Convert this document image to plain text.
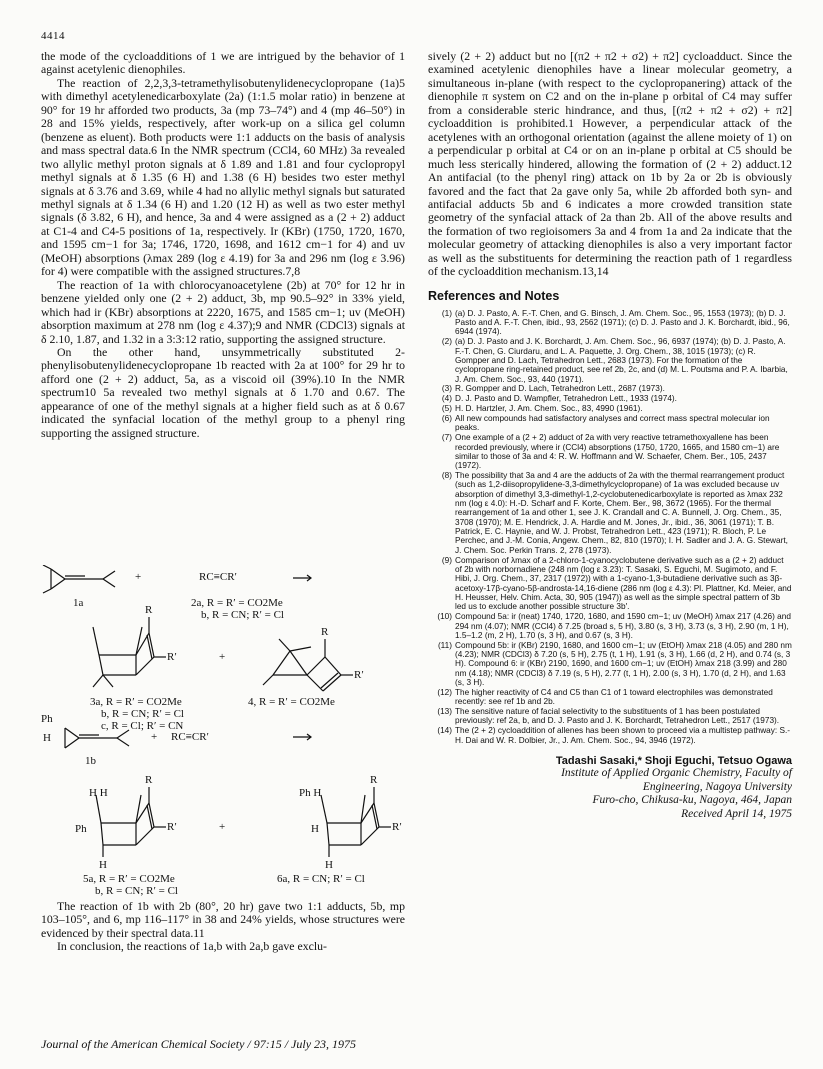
4414

the mode of the cycloadditions of 1 we are intrigued by the behavior of 1 against acetylenic dienophiles.

The reaction of 2,2,3,3-tetramethylisobutenylidenecyclopropane (1a)5 with dimethyl acetylenedicarboxylate (2a) (1:1.5 molar ratio) in benzene at 90° for 19 hr afforded two products, 3a (mp 73–74°) and 4 (mp 46–50°) in 28 and 15% yields, respectively, after work-up on a silica gel column (benzene as eluent). Both products were 1:1 adducts on the basis of analysis and mass spectral data.6 In the NMR spectrum (CCl4, 60 MHz) 3a revealed two allylic methyl proton signals at δ 1.89 and 1.81 and four cyclopropyl methyl signals at δ 1.35 (6 H) and 1.38 (6 H) besides two ester methyl signals at δ 3.76 and 3.69, while 4 had no allylic methyl signals but saturated methyl signals at δ 1.34 (6 H) and 1.20 (12 H) as well as two ester methyl signals (δ 3.82, 6 H), and hence, 3a and 4 were assigned as a (2 + 2) adduct at C1-4 and C4-5 positions of 1a, respectively. Ir (KBr) (1750, 1720, 1670, and 1595 cm−1 for 3a; 1746, 1720, 1698, and 1612 cm−1 for 4) and uv (MeOH) absorptions (λmax 289 (log ε 4.19) for 3a and 296 nm (log ε 3.96) for 4) were compatible with the assigned structures.7,8

The reaction of 1a with chlorocyanoacetylene (2b) at 70° for 12 hr in benzene yielded only one (2 + 2) adduct, 3b, mp 90.5–92° in 33% yield, which had ir (KBr) absorptions at 2220, 1675, and 1585 cm−1; uv (MeOH) absorption maximum at 278 nm (log ε 4.37);9 and NMR (CDCl3) signals at δ 2.10, 1.87, and 1.32 in a 3:3:12 ratio, supporting the assigned structure.

On the other hand, unsymmetrically substituted 2-phenylisobutenylidenecyclopropane 1b reacted with 2a at 100° for 29 hr to afford one (2 + 2) adduct, 5a, as a viscoid oil (39%).10 In the NMR spectrum10 5a revealed two methyl signals at δ 1.70 and 0.67. The appearance of one of the methyl signals at a higher field such as at δ 0.67 indicated the synfacial location of the methyl group to a phenyl ring supporting the assigned structure.

+	RC≡CR′
1a	2a, R = R′ = CO2Me
b, R = CN; R′ = Cl
R
R′	+
R
R′
3a, R = R′ = CO2Me
b, R = CN; R′ = Cl
c, R = Cl; R′ = CN
4, R = R′ = CO2Me
Ph
H	+ RC≡CR′
1b
R
H H
R′
Ph
H
+
R
Ph H
R′
H
H
5a, R = R′ = CO2Me
b, R = CN; R′ = Cl
6a, R = CN; R′ = Cl

The reaction of 1b with 2b (80°, 20 hr) gave two 1:1 adducts, 5b, mp 103–105°, and 6, mp 116–117° in 38 and 24% yields, whose structures were evidenced by their spectral data.11

In conclusion, the reactions of 1a,b with 2a,b gave exclu-

sively (2 + 2) adduct but no [(π2 + π2 + σ2) + π2] cycloadduct. Since the examined acetylenic dienophiles have a linear molecular geometry, a simultaneous in-plane (with respect to the cyclopropanering) attack of the dienophile π system on C2 and on the in-plane p orbital of C4 may suffer from a considerable steric hindrance, and thus, [(π2 + π2 + σ2) + π2] cycloaddition is prohibited.1 However, a perpendicular attack of the acetylenes with an orthogonal orientation (against the allene moiety of 1) on a perpendicular p orbital at C4 or on an in-plane p orbital at C5 should be much less sterically hindered, allowing the formation of (2 + 2) adduct.12 An antifacial (to the phenyl ring) attack on 1b by 2a or 2b is obviously favored and the fact that 2a gave only 5a, while 2b afforded both syn- and antifacial adducts 5b and 6 indicates a more crowded transition state geometry of the synfacial attack of 2a than 2b. All of the above results and the formation of two regioisomers 3a and 4 from 1a and 2a indicate that the molecular geometry of attacking dienophiles is also a very important factor as well as the substituents for determining the reaction path of 1 regardless of the cycloaddition mechanism.13,14

References and Notes
(1) (a) D. J. Pasto, A. F.-T. Chen, and G. Binsch, J. Am. Chem. Soc., 95, 1553 (1973); (b) D. J. Pasto and A. F.-T. Chen, ibid., 93, 2562 (1971); (c) D. J. Pasto and J. K. Borchardt, ibid., 96, 6944 (1974).
(2) (a) D. J. Pasto and J. K. Borchardt, J. Am. Chem. Soc., 96, 6937 (1974); (b) D. J. Pasto, A. F.-T. Chen, G. Ciurdaru, and L. A. Paquette, J. Org. Chem., 38, 1015 (1973); (c) R. Gompper and D. Lach, Tetrahedron Lett., 2683 (1973). For the formation of the cyclopropane ring-retained product, see ref 2b, 2c, and (d) M. L. Poutsma and P. A. Ibarbia, J. Am. Chem. Soc., 93, 440 (1971).
(3) R. Gompper and D. Lach, Tetrahedron Lett., 2687 (1973).
(4) D. J. Pasto and D. Wampfler, Tetrahedron Lett., 1933 (1974).
(5) H. D. Hartzler, J. Am. Chem. Soc., 83, 4990 (1961).
(6) All new compounds had satisfactory analyses and correct mass spectral molecular ion peaks.
(7) One example of a (2 + 2) adduct of 2a with very reactive tetramethoxyallene has been recorded previously, where ir (CCl4) absorptions (1750, 1720, 1665, and 1580 cm−1) are similar to those of 3a and 4: R. W. Hoffmann and W. Schaefer, Chem. Ber., 105, 2437 (1972).
(8) The possibility that 3a and 4 are the adducts of 2a with the thermal rearrangement product (such as 1,2-diisopropylidene-3,3-dimethylcyclopropane) of 1a was excluded because uv absorption of dimethyl 3,3-dimethyl-1,2-cyclobutenedicarboxylate is reported as λmax 232 nm (log ε 4.0): H.-D. Scharf and F. Korte, Chem. Ber., 98, 3672 (1965). For the thermal rearrangement of 1a and other 1, see J. K. Crandall and C. A. Bunnell, J. Org. Chem., 35, 3708 (1970); M. E. Hendrick, J. A. Hardie and M. Jones, Jr., ibid., 36, 3061 (1971); T. B. Patrick, E. C. Haynie, and W. J. Probst, Tetrahedron Lett., 423 (1971); R. Bloch, P. Le Perchec, and J.-M. Conia, Angew. Chem., 82, 810 (1970); I. H. Sadler and J. A. G. Stewart, J. Chem. Soc. Perkin Trans. 2, 278 (1973).
(9) Comparison of λmax of a 2-chloro-1-cyanocyclobutene derivative such as a (2 + 2) adduct of 2b with norbornadiene (248 nm (log ε 3.23): T. Sasaki, S. Eguchi, M. Sugimoto, and F. Hibi, J. Org. Chem., 37, 2317 (1972)) with a 1-cyano-1,3-butadiene derivative such as 3β-acetoxy-17β-cyano-5β-androsta-14,16-diene (286 nm (log ε 4.3): Pl. Plattner, Kd. Meier, and H. Heusser, Helv. Chim. Acta, 30, 905 (1947)) as well as the simple spectral pattern of 3b led us to exclude another possible structure 3b′.
(10) Compound 5a: ir (neat) 1740, 1720, 1680, and 1590 cm−1; uv (MeOH) λmax 217 (4.26) and 294 nm (4.07); NMR (CCl4) δ 7.25 (broad s, 5 H), 3.80 (s, 3 H), 3.73 (s, 3 H), 2.90 (m, 1 H), 1.5–1.2 (m, 2 H), 1.70 (s, 3 H), and 0.67 (s, 3 H).
(11) Compound 5b: ir (KBr) 2190, 1680, and 1600 cm−1; uv (EtOH) λmax 218 (4.05) and 280 nm (4.23); NMR (CDCl3) δ 7.20 (s, 5 H), 2.75 (t, 1 H), 1.91 (s, 3 H), 1.66 (d, 2 H), and 0.74 (s, 3 H). Compound 6: ir (KBr) 2190, 1690, and 1600 cm−1; uv (EtOH) λmax 218 (3.99) and 280 nm (4.18); NMR (CDCl3) δ 7.19 (s, 5 H), 2.77 (t, 1 H), 2.00 (s, 3 H), 1.70 (d, 2 H), and 1.63 (s, 3 H).
(12) The higher reactivity of C4 and C5 than C1 of 1 toward electrophiles was demonstrated recently: see ref 1b and 2b.
(13) The sensitive nature of facial selectivity to the substituents of 1 has been postulated previously: ref 2a, b, and D. J. Pasto and J. K. Borchardt, Tetrahedron Lett., 2517 (1973).
(14) The (2 + 2) cycloaddition of allenes has been shown to proceed via a multistep pathway: S.-H. Dai and W. R. Dolbier, Jr., J. Am. Chem. Soc., 94, 3946 (1972).
Tadashi Sasaki,* Shoji Eguchi, Tetsuo Ogawa
Institute of Applied Organic Chemistry, Faculty of
Engineering, Nagoya University
Furo-cho, Chikusa-ku, Nagoya, 464, Japan
Received April 14, 1975
Journal of the American Chemical Society / 97:15 / July 23, 1975
